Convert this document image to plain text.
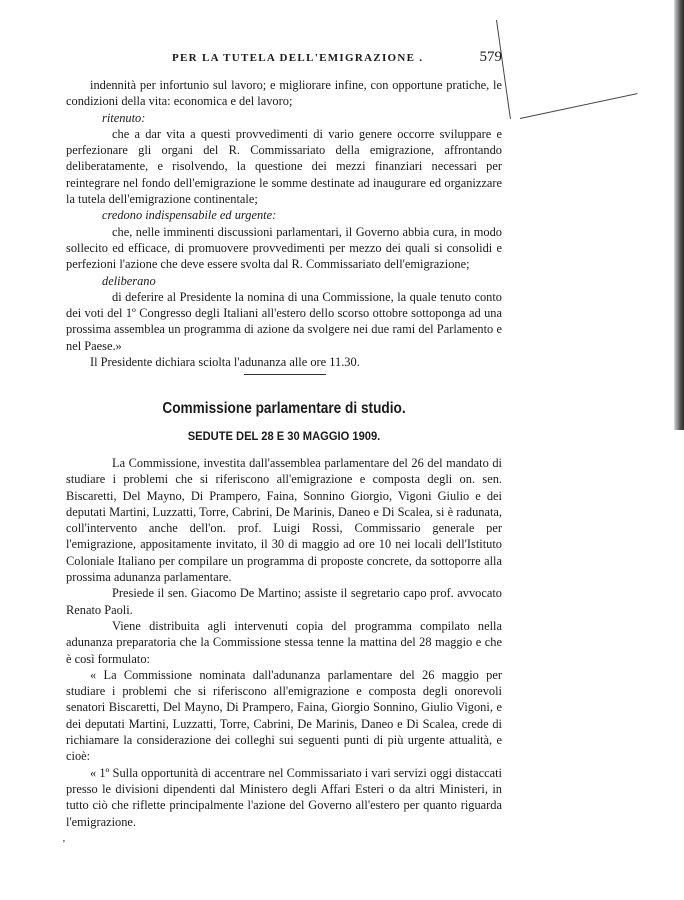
PER LA TUTELA DELL'EMIGRAZIONE .	579

indennità per infortunio sul lavoro; e migliorare infine, con opportune pratiche, le condizioni della vita: economica e del lavoro;

ritenuto:

che a dar vita a questi provvedimenti di vario genere occorre sviluppare e perfezionare gli organi del R. Commissariato della emigrazione, affrontando deliberatamente, e risolvendo, la questione dei mezzi finanziari necessari per reintegrare nel fondo dell'emigrazione le somme destinate ad inaugurare ed organizzare la tutela dell'emigrazione continentale;

credono indispensabile ed urgente:

che, nelle imminenti discussioni parlamentari, il Governo abbia cura, in modo sollecito ed efficace, di promuovere provvedimenti per mezzo dei quali si consolidi e perfezioni l'azione che deve essere svolta dal R. Commissariato dell'emigrazione;

deliberano

di deferire al Presidente la nomina di una Commissione, la quale tenuto conto dei voti del 1º Congresso degli Italiani all'estero dello scorso ottobre sottoponga ad una prossima assemblea un programma di azione da svolgere nei due rami del Parlamento e nel Paese.»

Il Presidente dichiara sciolta l'adunanza alle ore 11.30.

Commissione parlamentare di studio.
SEDUTE DEL 28 E 30 MAGGIO 1909.

La Commissione, investita dall'assemblea parlamentare del 26 del mandato di studiare i problemi che si riferiscono all'emigrazione e composta degli on. sen. Biscaretti, Del Mayno, Di Prampero, Faina, Sonnino Giorgio, Vigoni Giulio e dei deputati Martini, Luzzatti, Torre, Cabrini, De Marinis, Daneo e Di Scalea, si è radunata, coll'intervento anche dell'on. prof. Luigi Rossi, Commissario generale per l'emigrazione, appositamente invitato, il 30 di maggio ad ore 10 nei locali dell'Istituto Coloniale Italiano per compilare un programma di proposte concrete, da sottoporre alla prossima adunanza parlamentare.

Presiede il sen. Giacomo De Martino; assiste il segretario capo prof. avvocato Renato Paoli.

Viene distribuita agli intervenuti copia del programma compilato nella adunanza preparatoria che la Commissione stessa tenne la mattina del 28 maggio e che è così formulato:

« La Commissione nominata dall'adunanza parlamentare del 26 maggio per studiare i problemi che si riferiscono all'emigrazione e composta degli onorevoli senatori Biscaretti, Del Mayno, Di Prampero, Faina, Giorgio Sonnino, Giulio Vigoni, e dei deputati Martini, Luzzatti, Torre, Cabrini, De Marinis, Daneo e Di Scalea, crede di richiamare la considerazione dei colleghi sui seguenti punti di più urgente attualità, e cioè:

« 1º Sulla opportunità di accentrare nel Commissariato i vari servizi oggi distaccati presso le divisioni dipendenti dal Ministero degli Affari Esteri o da altri Ministeri, in tutto ciò che riflette principalmente l'azione del Governo all'estero per quanto riguarda l'emigrazione.

‚
